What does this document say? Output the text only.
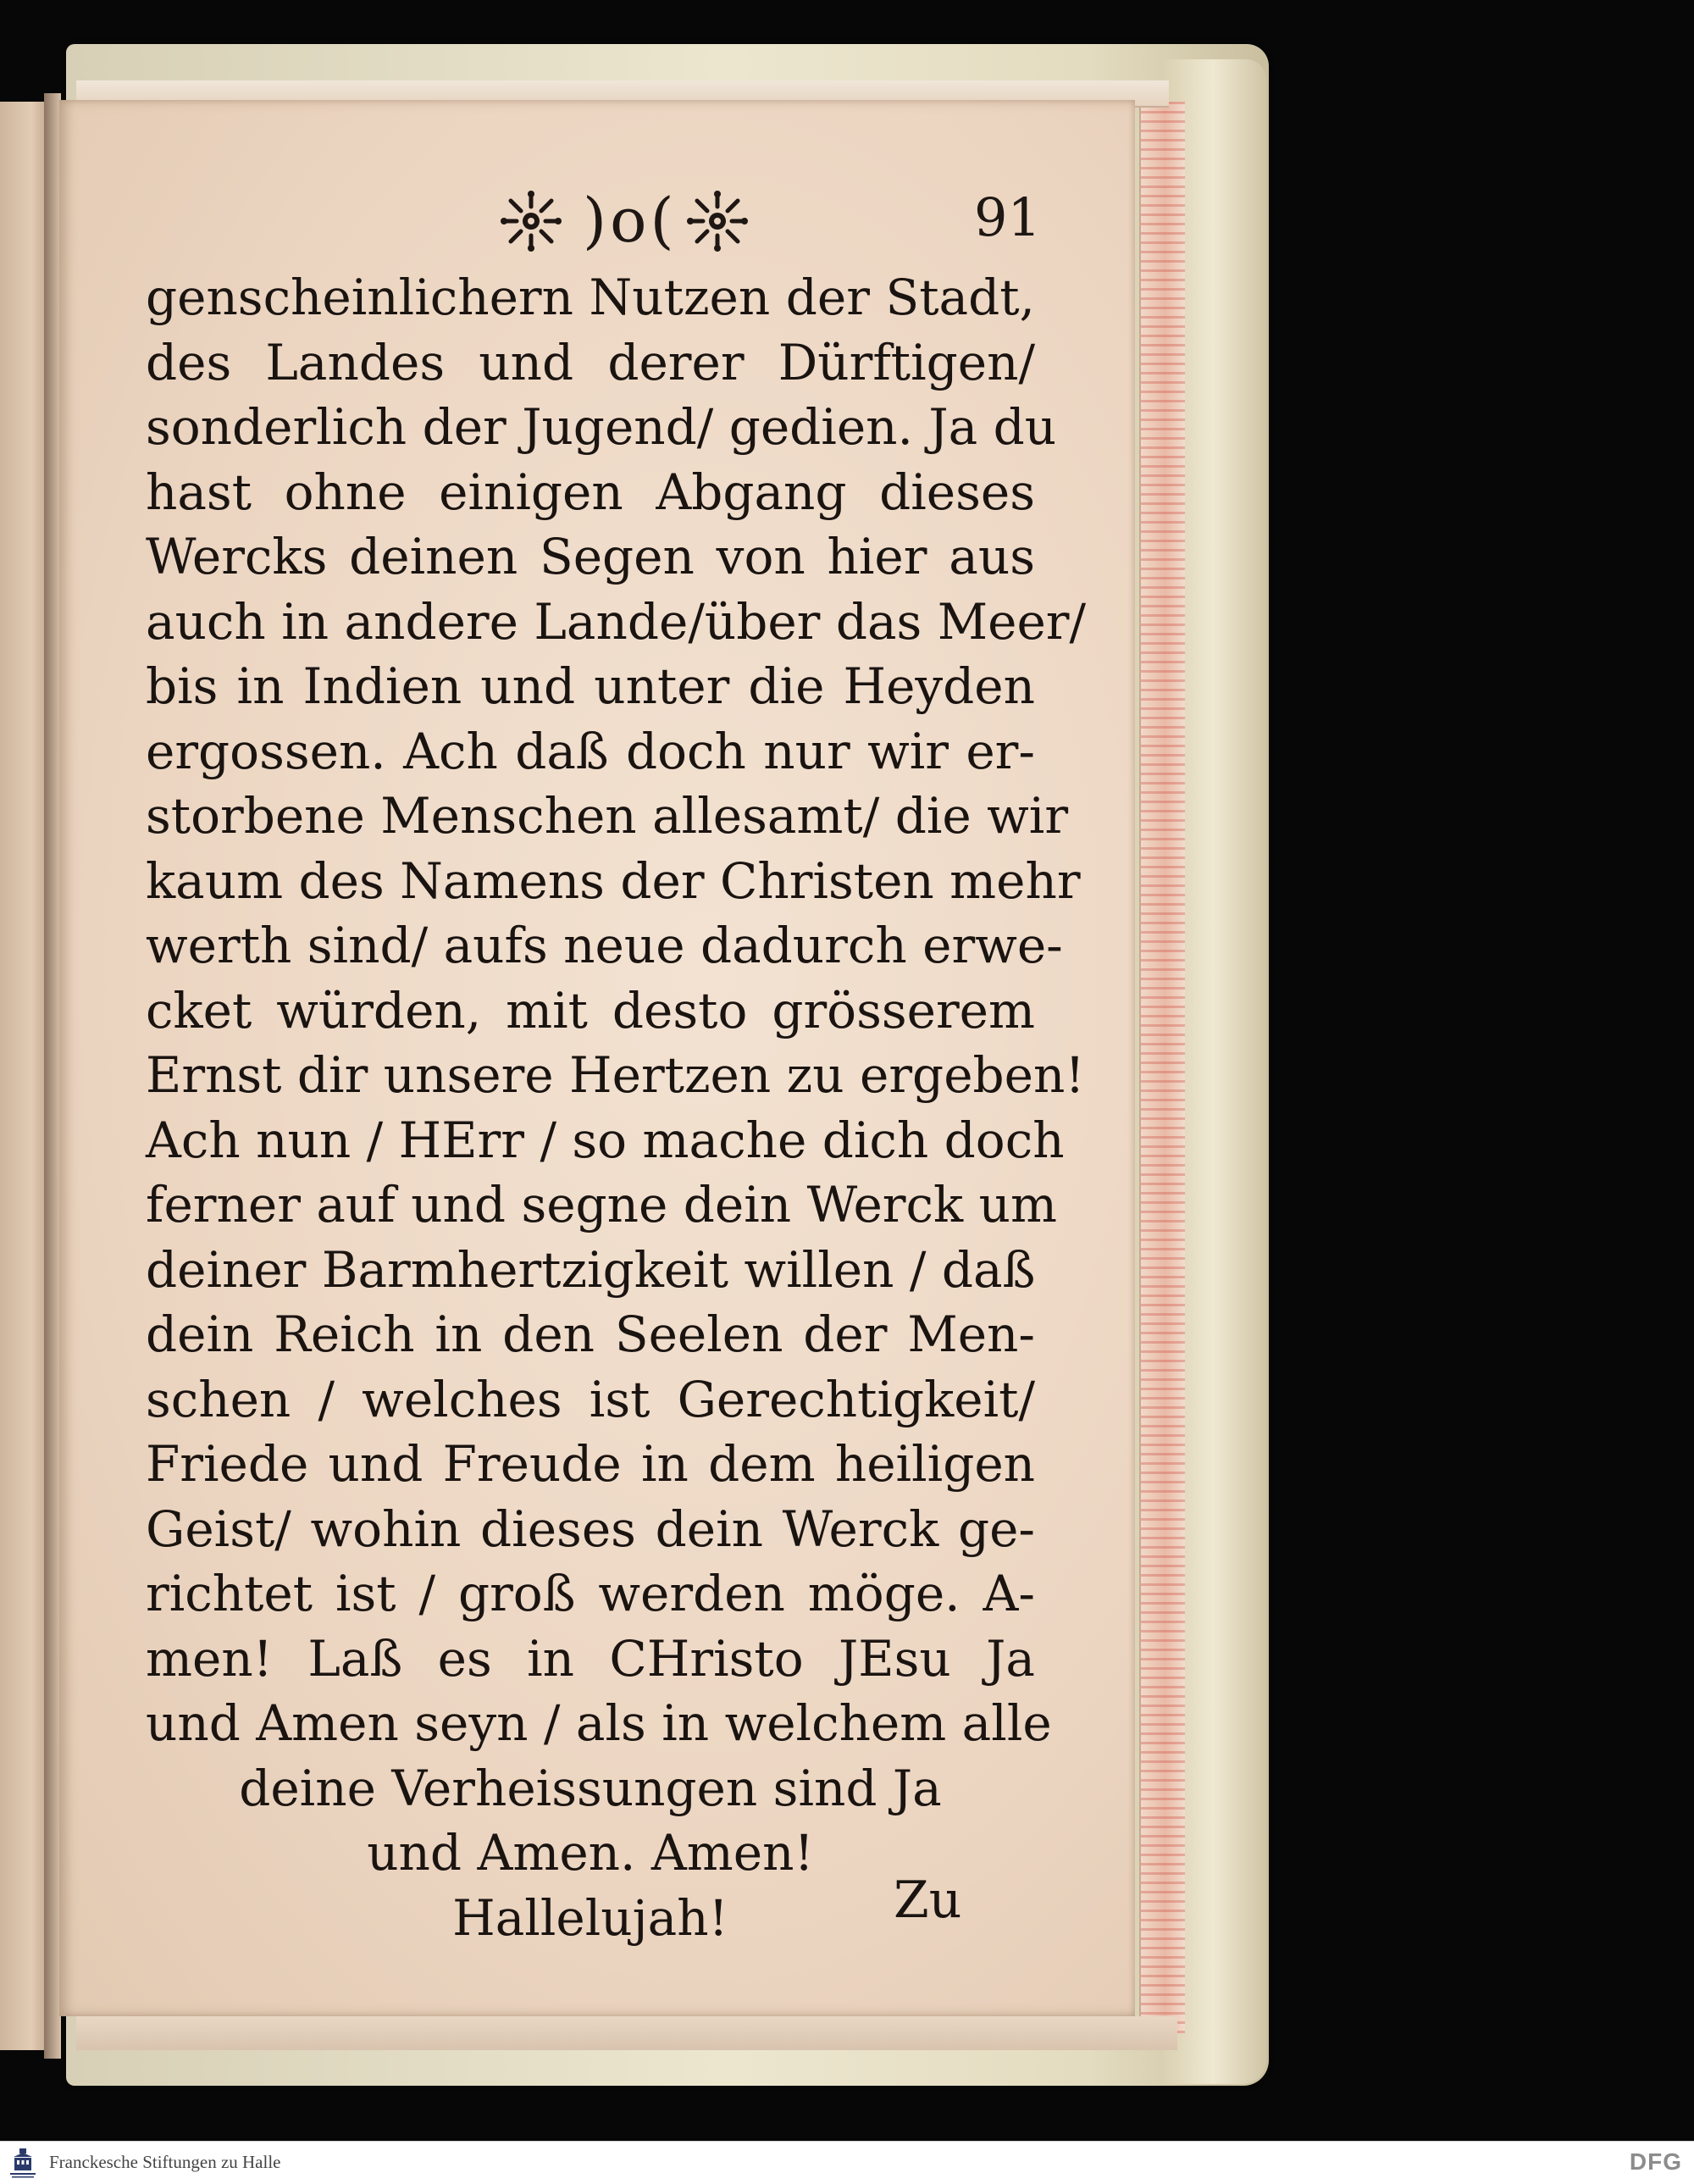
)o(	91
genscheinlichern Nutzen der Stadt,
des Landes und derer Dürftigen/
sonderlich der Jugend/ gedien. Ja du
hast ohne einigen Abgang dieses
Wercks deinen Segen von hier aus
auch in andere Lande/über das Meer/
bis in Indien und unter die Heyden
ergossen. Ach daß doch nur wir er-
storbene Menschen allesamt/ die wir
kaum des Namens der Christen mehr
werth sind/ aufs neue dadurch erwe-
cket würden, mit desto grösserem
Ernst dir unsere Hertzen zu ergeben!
Ach nun / HErr / so mache dich doch
ferner auf und segne dein Werck um
deiner Barmhertzigkeit willen / daß
dein Reich in den Seelen der Men-
schen / welches ist Gerechtigkeit/
Friede und Freude in dem heiligen
Geist/ wohin dieses dein Werck ge-
richtet ist / groß werden möge. A-
men! Laß es in CHristo JEsu Ja
und Amen seyn / als in welchem alle
deine Verheissungen sind Ja
und Amen. Amen!
Hallelujah!	Zu
Franckesche Stiftungen zu Halle	DFG
